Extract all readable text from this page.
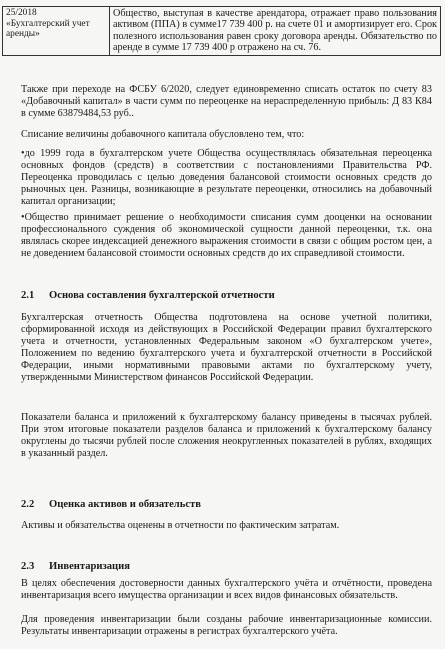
25/2018
«Бухгалтерский учет аренды»	Общество, выступая в качестве арендатора, отражает право пользования активом (ППА) в сумме17 739 400 р. на счете 01 и амортизирует его. Срок полезного использования равен сроку договора аренды. Обязательство по аренде в сумме 17 739 400 р отражено на сч. 76.

Также при переходе на ФСБУ 6/2020, следует единовременно списать остаток по счету 83 «Добавочный капитал» в части сумм по переоценке на нераспределенную прибыль: Д 83 К84 в сумме 63879484,53 руб..

Списание величины добавочного капитала обусловлено тем, что:

•до 1999 года в бухгалтерском учете Общества осуществлялась обязательная переоценка основных фондов (средств) в соответствии с постановлениями Правительства РФ. Переоценка проводилась с целью доведения балансовой стоимости основных средств до рыночных цен. Разницы, возникающие в результате переоценки, относились на добавочный капитал организации;

•Общество принимает решение о необходимости списания сумм дооценки на основании профессионального суждения об экономической сущности данной переоценки, т.к. она являлась скорее индексацией денежного выражения стоимости в связи с общим ростом цен, а не доведением балансовой стоимости основных средств до их справедливой стоимости.

2.1 Основа составления бухгалтерской отчетности

Бухгалтерская отчетность Общества подготовлена на основе учетной политики, сформированной исходя из действующих в Российской Федерации правил бухгалтерского учета и отчетности, установленных Федеральным законом «О бухгалтерском учете», Положением по ведению бухгалтерского учета и бухгалтерской отчетности в Российской Федерации, иными нормативными правовыми актами по бухгалтерскому учету, утвержденными Министерством финансов Российской Федерации.

Показатели баланса и приложений к бухгалтерскому балансу приведены в тысячах рублей. При этом итоговые показатели разделов баланса и приложений к бухгалтерскому балансу округлены до тысячи рублей после сложения неокругленных показателей в рублях, входящих в указанный раздел.

2.2 Оценка активов и обязательств

Активы и обязательства оценены в отчетности по фактическим затратам.

2.3 Инвентаризация

В целях обеспечения достоверности данных бухгалтерского учёта и отчётности, проведена инвентаризация всего имущества организации и всех видов финансовых обязательств.

Для проведения инвентаризации были созданы рабочие инвентаризационные комиссии. Результаты инвентаризации отражены в регистрах бухгалтерского учёта.
